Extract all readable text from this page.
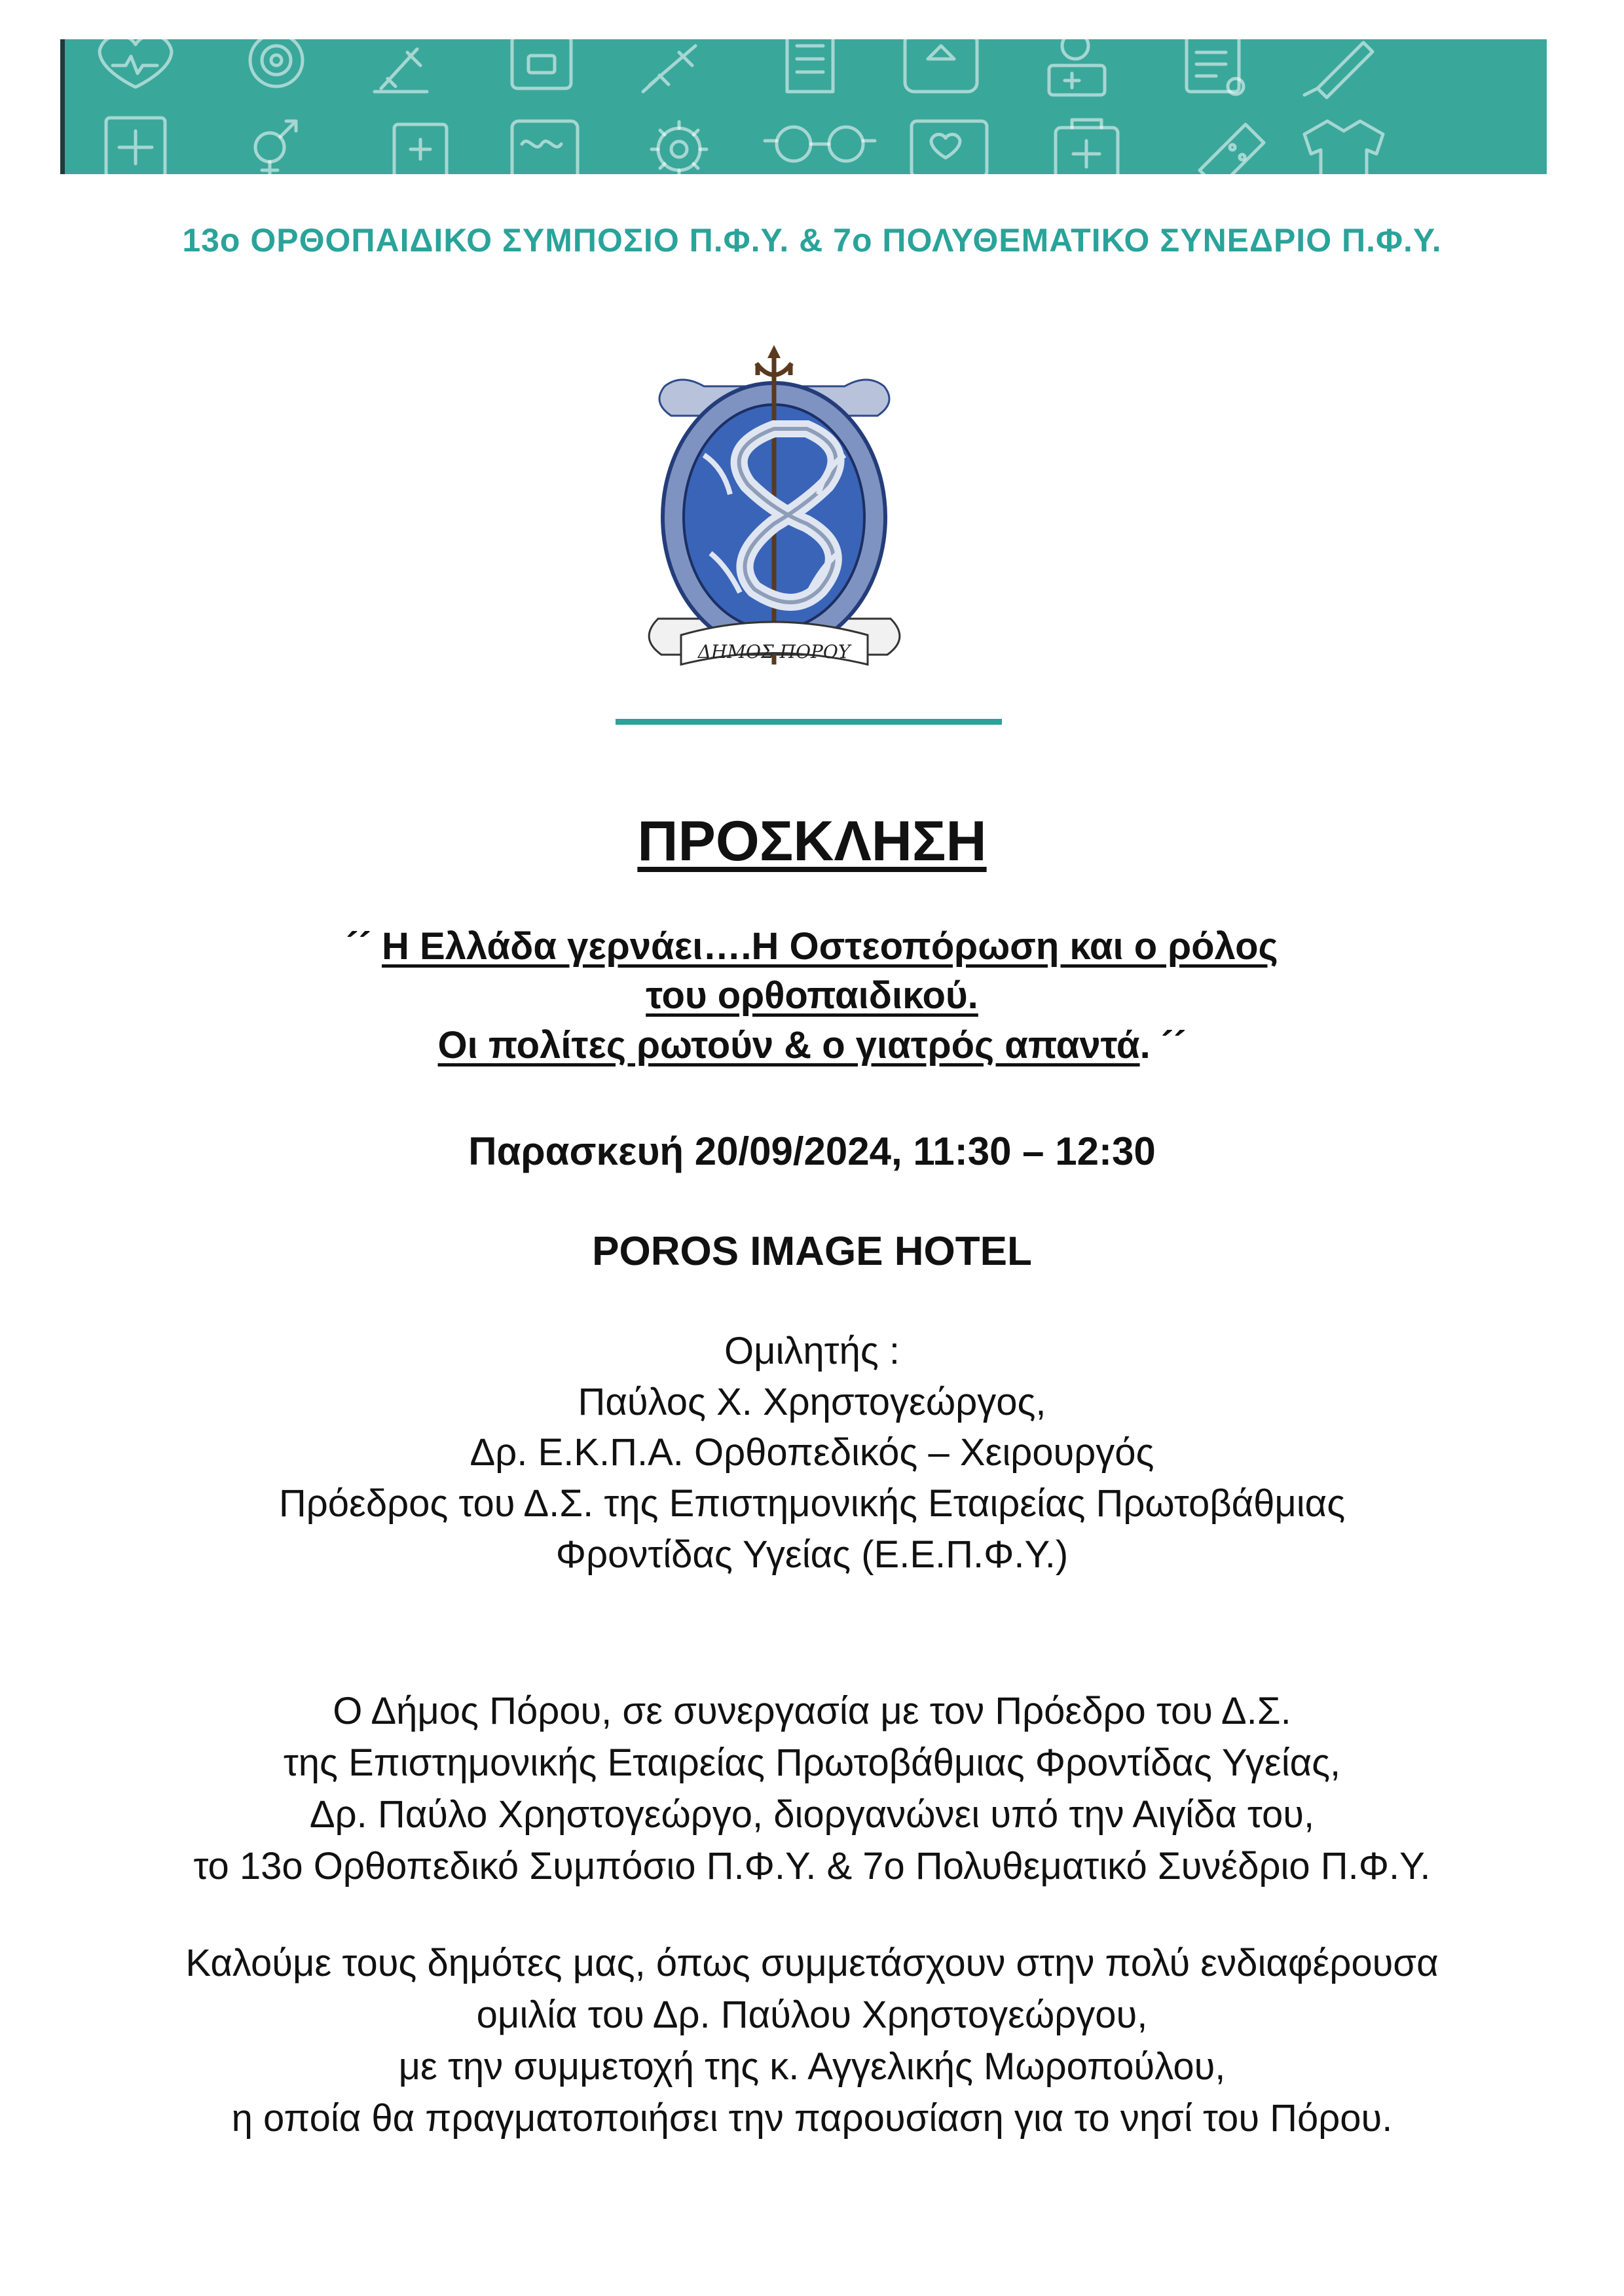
13ο ΟΡΘΟΠΑΙΔΙΚΟ ΣΥΜΠΟΣΙΟ Π.Φ.Υ. & 7ο ΠΟΛΥΘΕΜΑΤΙΚΟ ΣΥΝΕΔΡΙΟ Π.Φ.Υ.
ΔΗΜΟΣ ΠΟΡΟΥ
ΠΡΟΣΚΛΗΣΗ
´´ Η Ελλάδα γερνάει….Η Οστεοπόρωση και ο ρόλος
του ορθοπαιδικού.
Οι πολίτες ρωτούν & ο γιατρός απαντά. ´´
Παρασκευή 20/09/2024, 11:30 – 12:30
POROS IMAGE HOTEL
Ομιλητής :
Παύλος Χ. Χρηστογεώργος,
Δρ. Ε.Κ.Π.Α. Ορθοπεδικός – Χειρουργός
Πρόεδρος του Δ.Σ. της Επιστημονικής Εταιρείας Πρωτοβάθμιας
Φροντίδας Υγείας (Ε.Ε.Π.Φ.Υ.)
Ο Δήμος Πόρου, σε συνεργασία με τον Πρόεδρο του Δ.Σ.
της Επιστημονικής Εταιρείας Πρωτοβάθμιας Φροντίδας Υγείας,
Δρ. Παύλο Χρηστογεώργο, διοργανώνει υπό την Αιγίδα του,
το 13ο Ορθοπεδικό Συμπόσιο Π.Φ.Υ. & 7ο Πολυθεματικό Συνέδριο Π.Φ.Υ.
Καλούμε τους δημότες μας, όπως συμμετάσχουν στην πολύ ενδιαφέρουσα
ομιλία του Δρ. Παύλου Χρηστογεώργου,
με την συμμετοχή της κ. Αγγελικής Μωροπούλου,
η οποία θα πραγματοποιήσει την παρουσίαση για το νησί του Πόρου.
